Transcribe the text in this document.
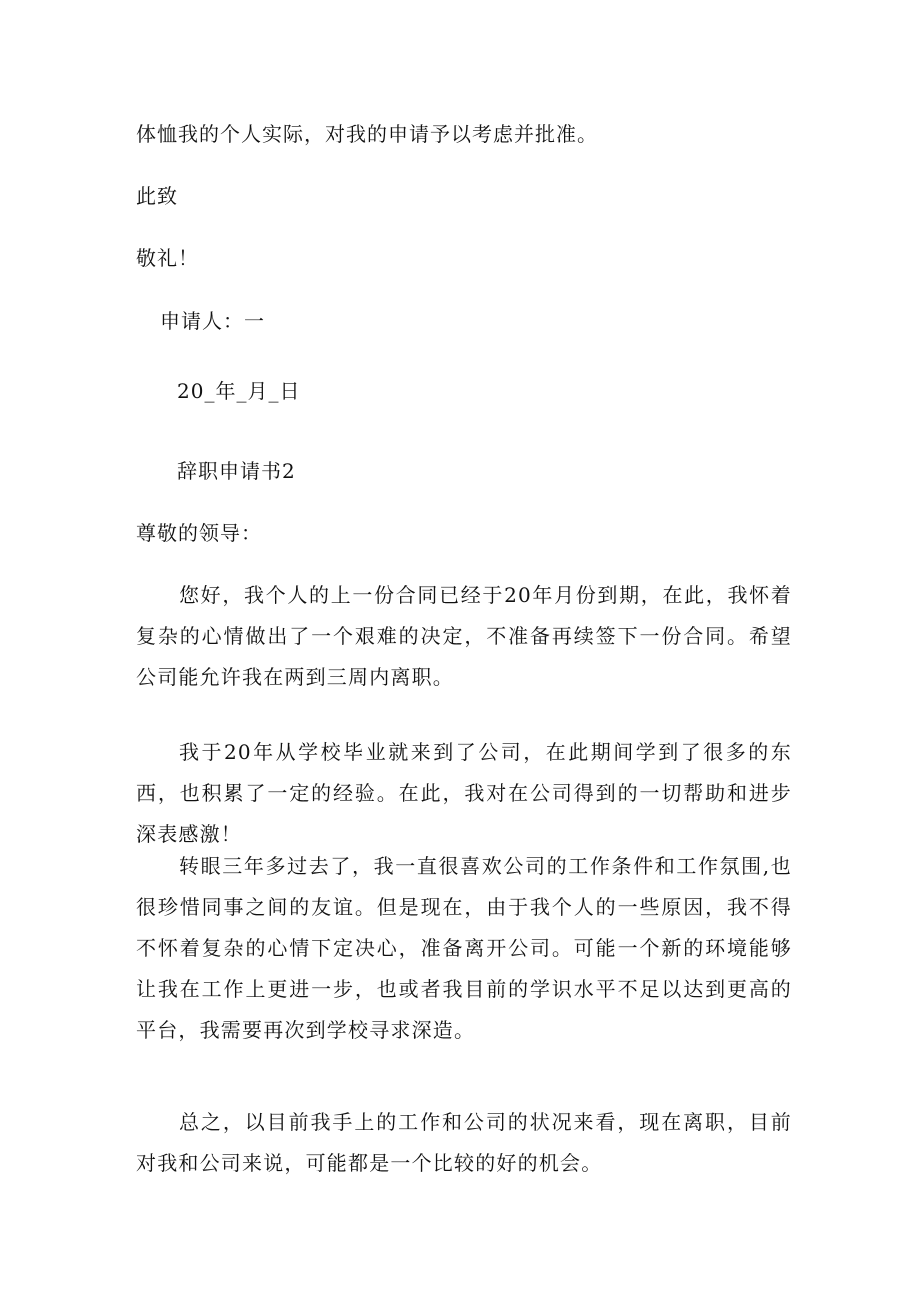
体恤我的个人实际，对我的申请予以考虑并批准。
此致
敬礼！
申请人：一
20_年_月_日
辞职申请书2
尊敬的领导：

您好，我个人的上一份合同已经于20年月份到期，在此，我怀着复杂的心情做出了一个艰难的决定，不准备再续签下一份合同。希望公司能允许我在两到三周内离职。

我于20年从学校毕业就来到了公司，在此期间学到了很多的东西，也积累了一定的经验。在此，我对在公司得到的一切帮助和进步深表感激！

转眼三年多过去了，我一直很喜欢公司的工作条件和工作氛围,也很珍惜同事之间的友谊。但是现在，由于我个人的一些原因，我不得不怀着复杂的心情下定决心，准备离开公司。可能一个新的环境能够让我在工作上更进一步，也或者我目前的学识水平不足以达到更高的平台，我需要再次到学校寻求深造。

总之，以目前我手上的工作和公司的状况来看，现在离职，目前对我和公司来说，可能都是一个比较的好的机会。
